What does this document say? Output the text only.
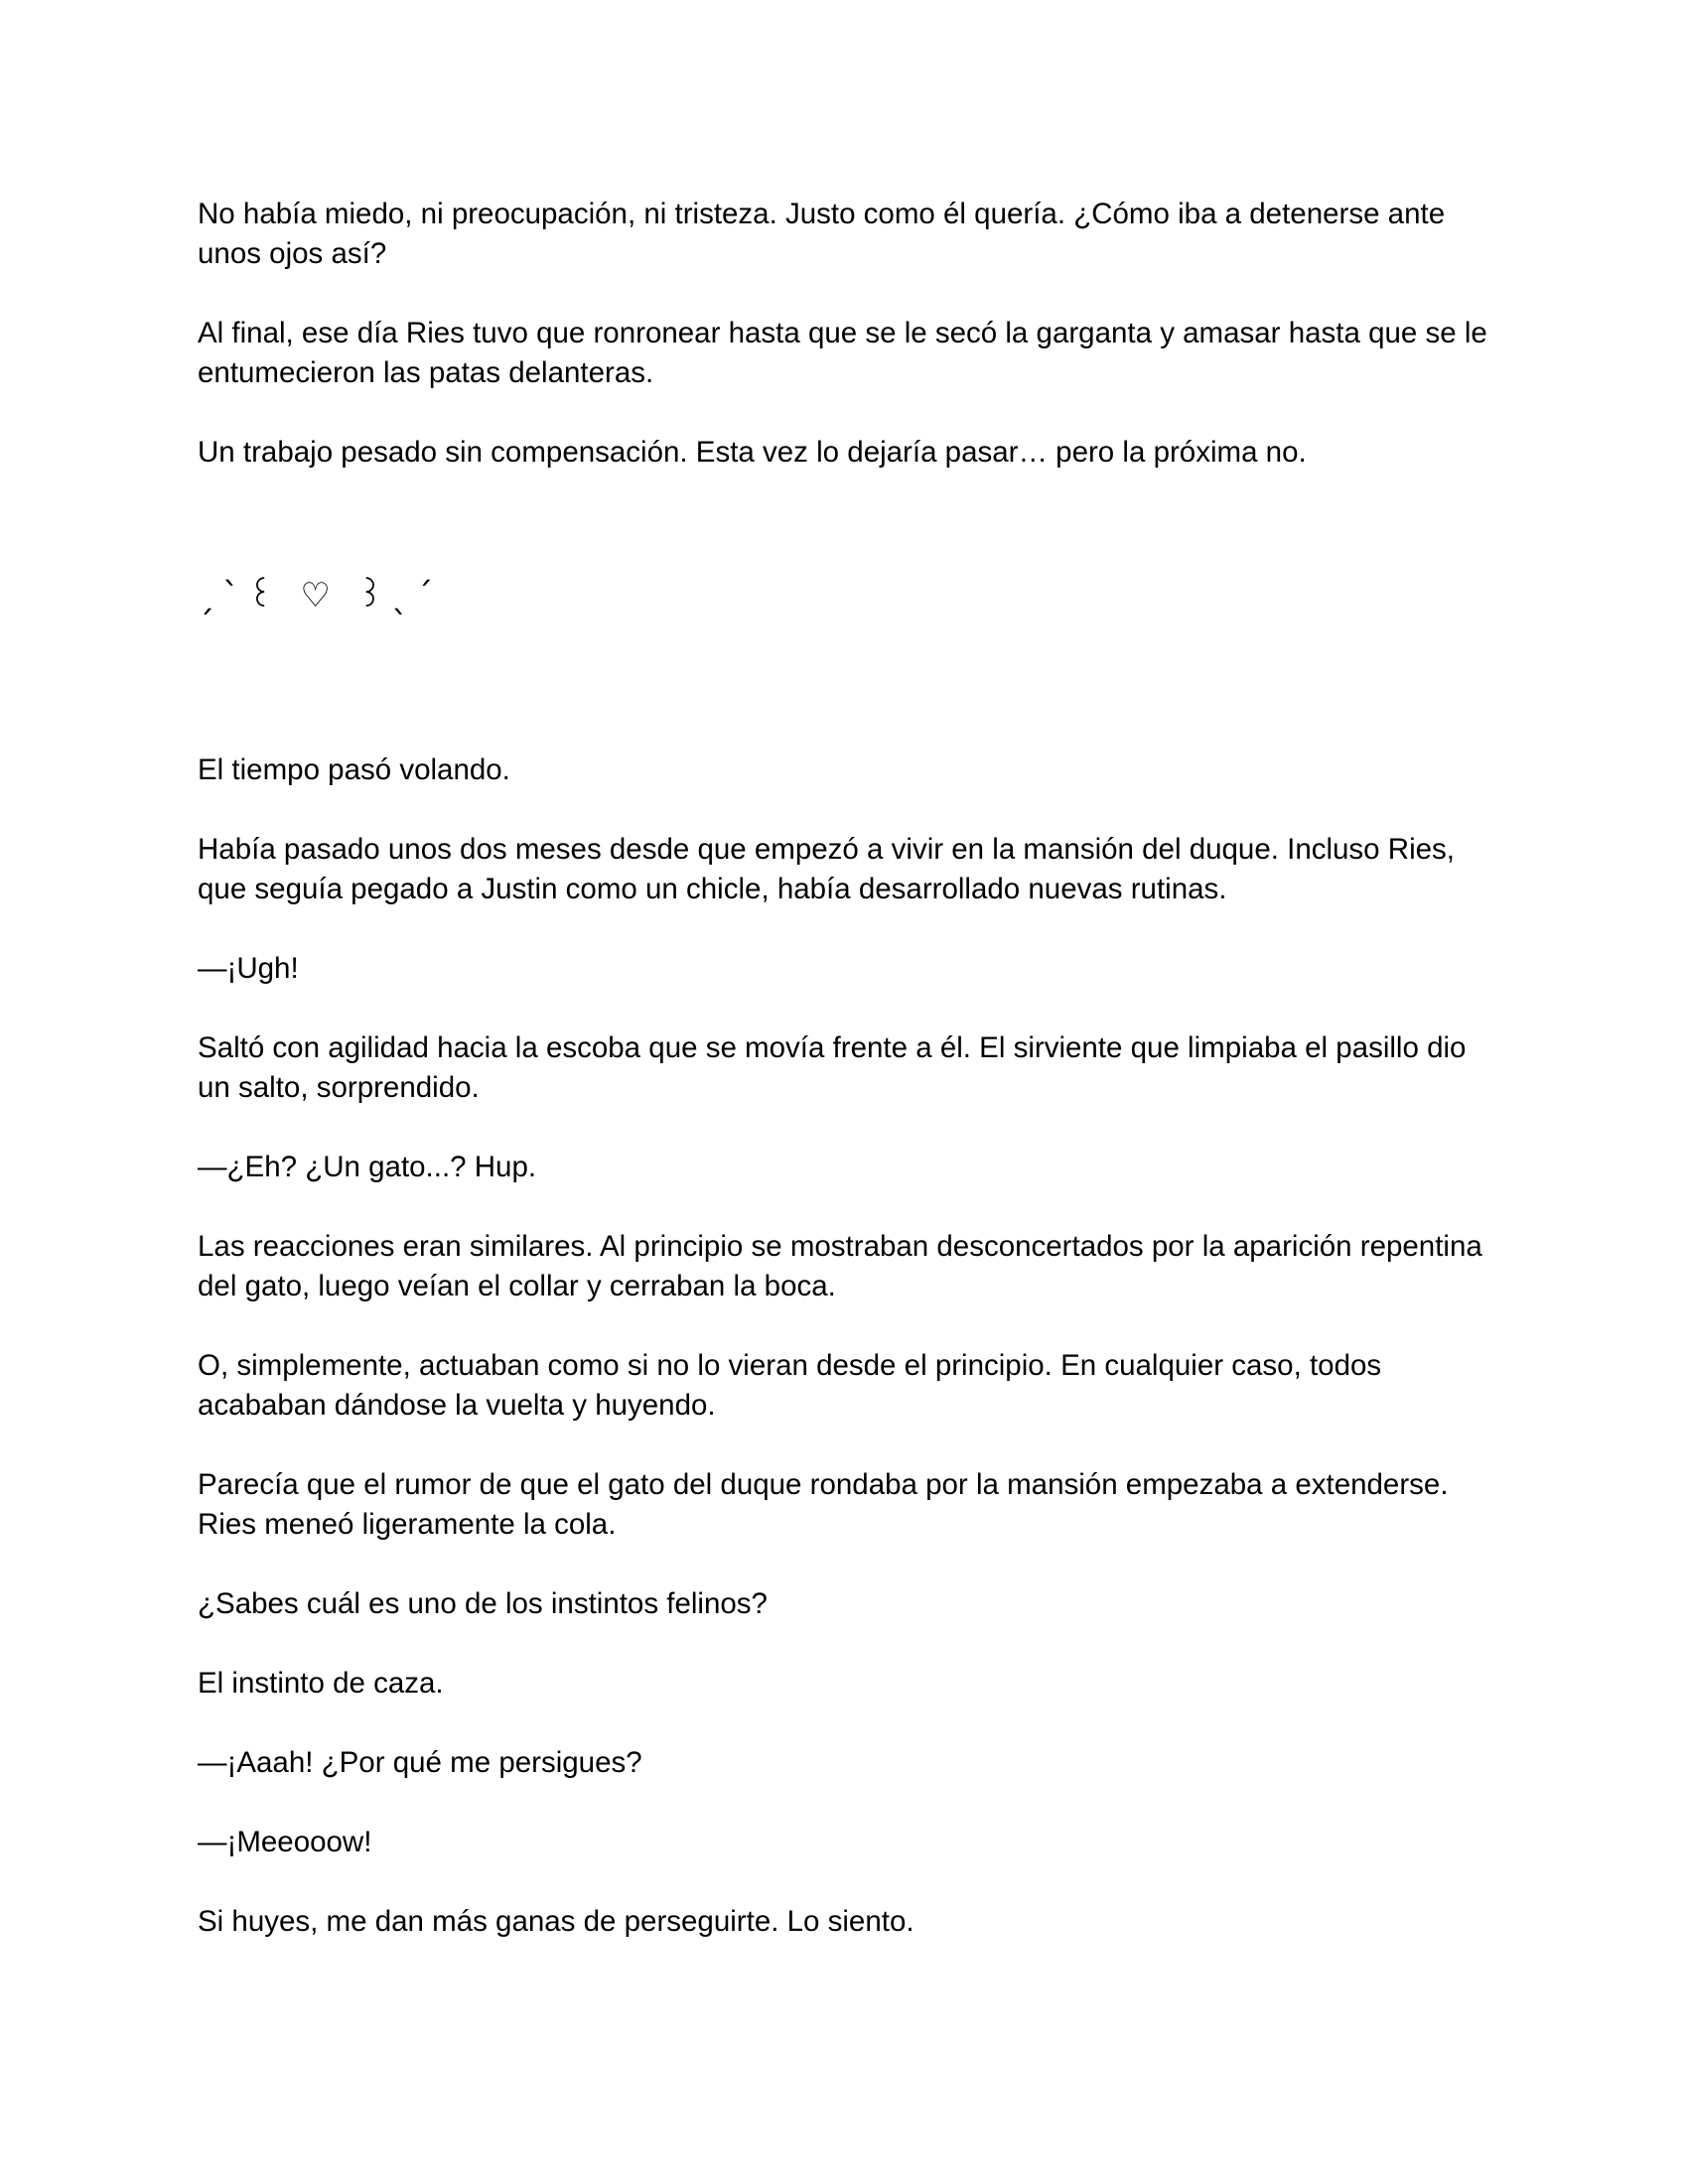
No había miedo, ni preocupación, ni tristeza. Justo como él quería. ¿Cómo iba a detenerse ante unos ojos así?

Al final, ese día Ries tuvo que ronronear hasta que se le secó la garganta y amasar hasta que se le entumecieron las patas delanteras.

Un trabajo pesado sin compensación. Esta vez lo dejaría pasar… pero la próxima no.

ˏˋ꒰ ♡ ꒱ˎˊ

El tiempo pasó volando.

Había pasado unos dos meses desde que empezó a vivir en la mansión del duque. Incluso Ries, que seguía pegado a Justin como un chicle, había desarrollado nuevas rutinas.

—¡Ugh!

Saltó con agilidad hacia la escoba que se movía frente a él. El sirviente que limpiaba el pasillo dio un salto, sorprendido.

—¿Eh? ¿Un gato...? Hup.

Las reacciones eran similares. Al principio se mostraban desconcertados por la aparición repentina del gato, luego veían el collar y cerraban la boca.

O, simplemente, actuaban como si no lo vieran desde el principio. En cualquier caso, todos acababan dándose la vuelta y huyendo.

Parecía que el rumor de que el gato del duque rondaba por la mansión empezaba a extenderse. Ries meneó ligeramente la cola.

¿Sabes cuál es uno de los instintos felinos?

El instinto de caza.

—¡Aaah! ¿Por qué me persigues?

—¡Meeooow!

Si huyes, me dan más ganas de perseguirte. Lo siento.
